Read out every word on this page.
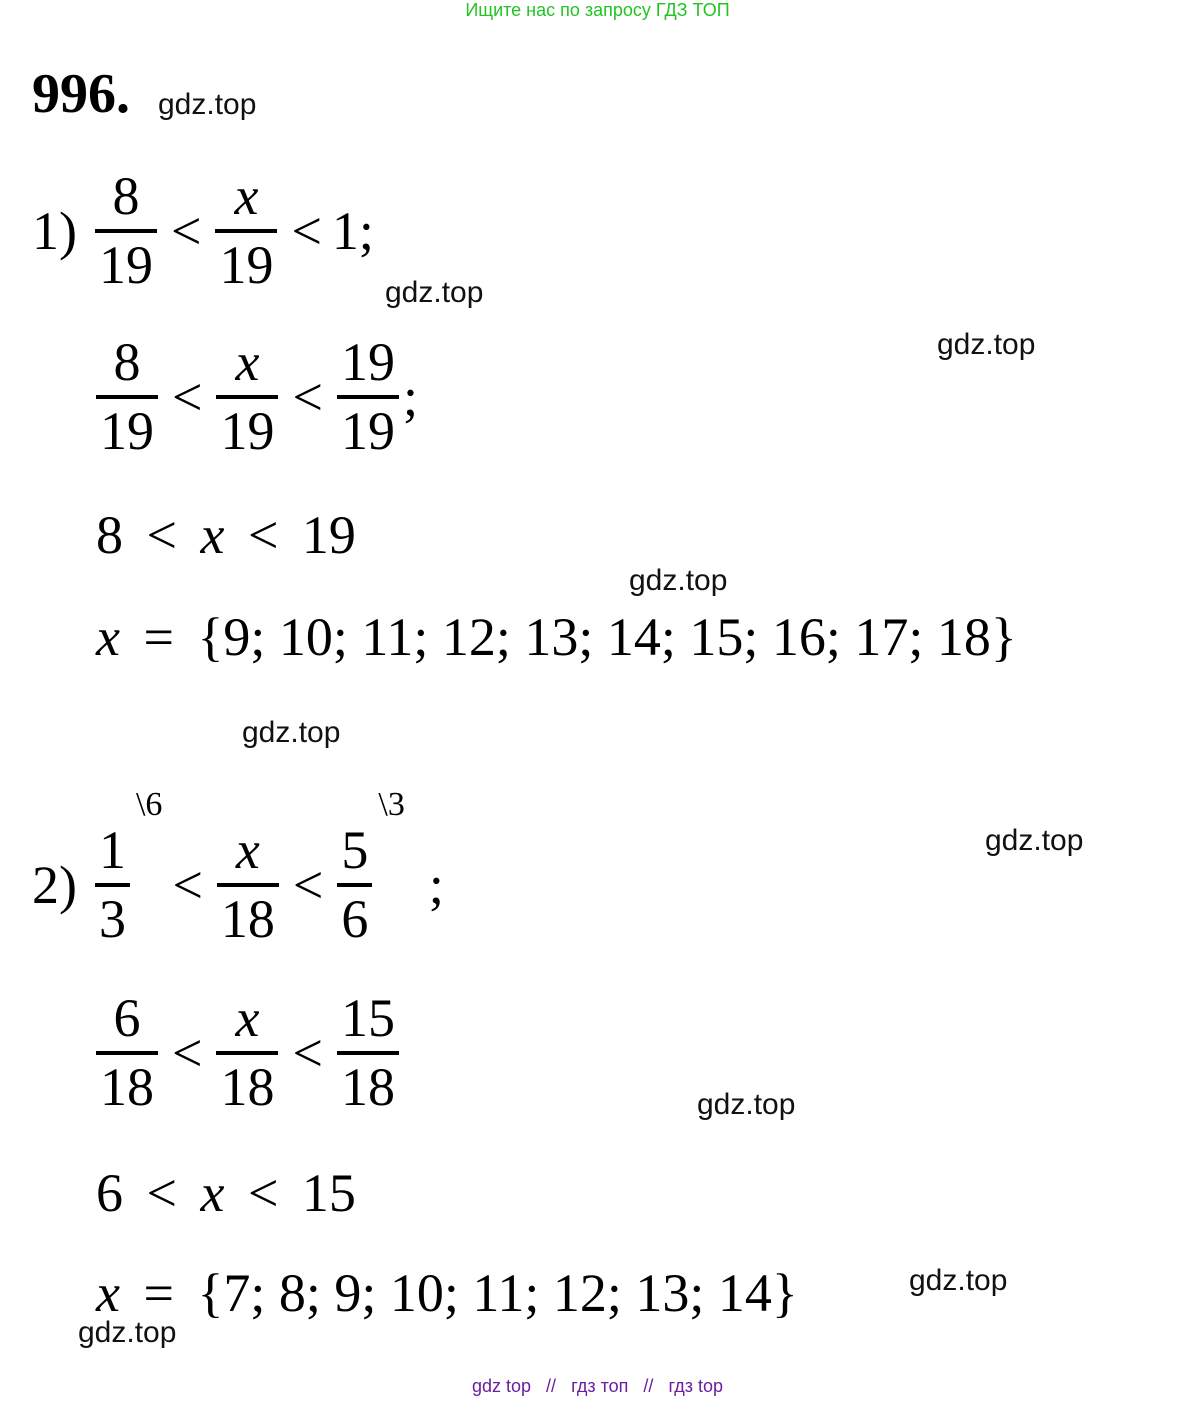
Ищите нас по запросу ГДЗ ТОП
996. gdz.top
gdz.top
gdz.top
gdz.top
gdz.top
gdz.top
gdz.top
gdz.top
gdz.top
$1) \frac{8}{19} < \frac{x}{19} < 1$;
$\frac{8}{19} < \frac{x}{19} < \frac{19}{19}$ ;
8 < x < 19
x = {9; 10; 11; 12; 13; 14; 15; 16; 17; 18}
$2) \frac{1}{3}$
\6
< $\frac{x}{18} < \frac{5}{6}$
\3
;
$\frac{6}{18} < \frac{x}{18} < \frac{15}{18}$
6 < x < 15
x = {7; 8; 9; 10; 11; 12; 13; 14}
gdz top // гдз топ // гдз top
